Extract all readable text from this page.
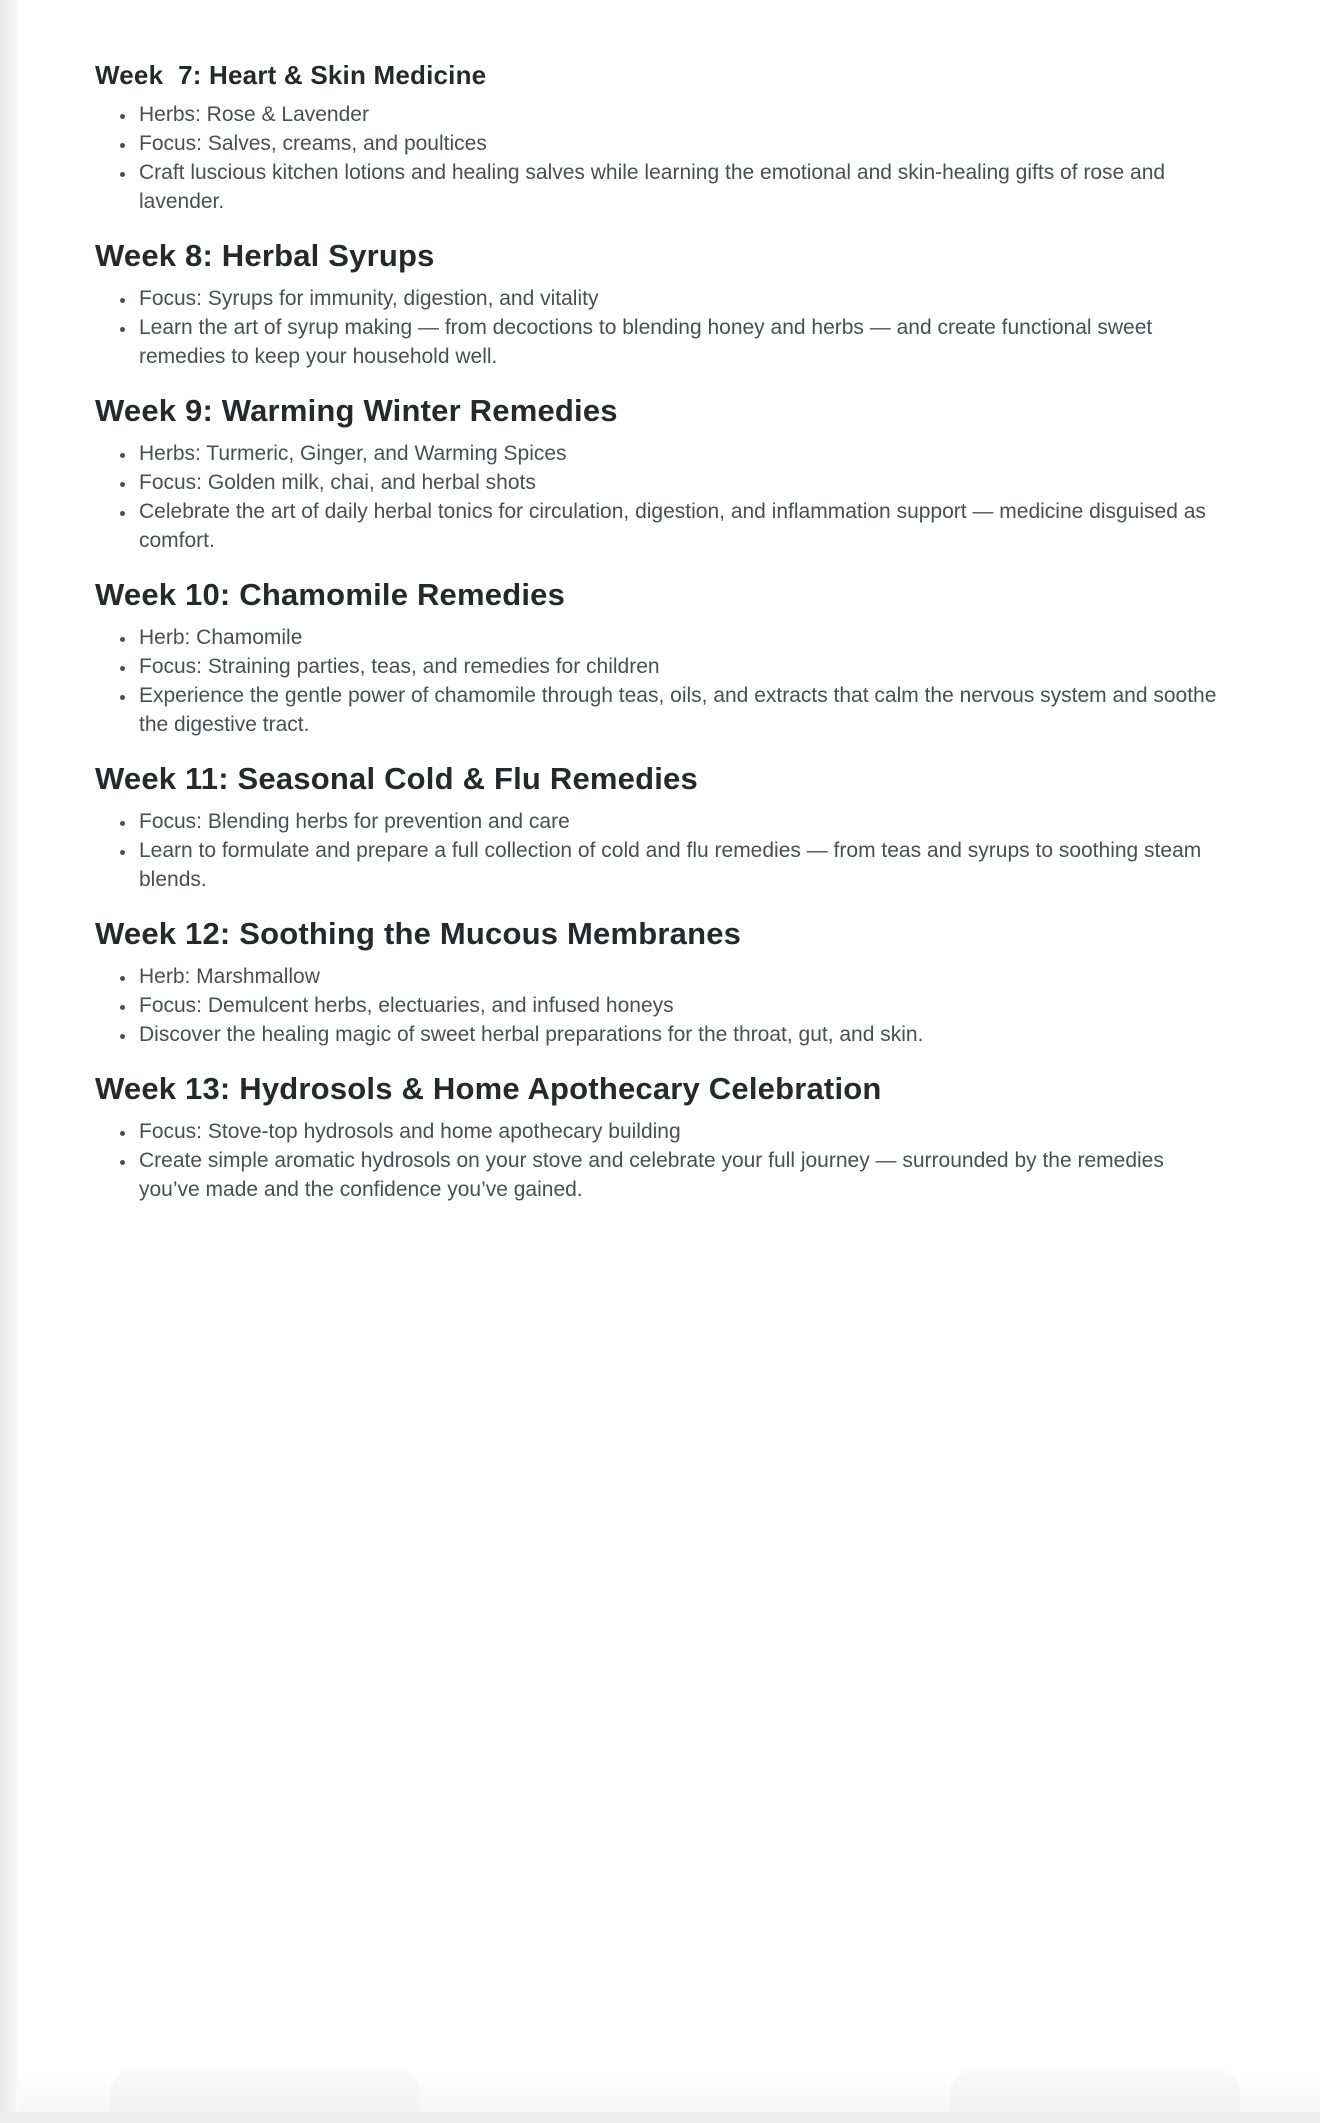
Week  7: Heart & Skin Medicine
• Herbs: Rose & Lavender
• Focus: Salves, creams, and poultices
• Craft luscious kitchen lotions and healing salves while learning the emotional and skin-healing gifts of rose and lavender.
Week 8: Herbal Syrups
• Focus: Syrups for immunity, digestion, and vitality
• Learn the art of syrup making — from decoctions to blending honey and herbs — and create functional sweet remedies to keep your household well.
Week 9: Warming Winter Remedies
• Herbs: Turmeric, Ginger, and Warming Spices
• Focus: Golden milk, chai, and herbal shots
• Celebrate the art of daily herbal tonics for circulation, digestion, and inflammation support — medicine disguised as comfort.
Week 10: Chamomile Remedies
• Herb: Chamomile
• Focus: Straining parties, teas, and remedies for children
• Experience the gentle power of chamomile through teas, oils, and extracts that calm the nervous system and soothe the digestive tract.
Week 11: Seasonal Cold & Flu Remedies
• Focus: Blending herbs for prevention and care
• Learn to formulate and prepare a full collection of cold and flu remedies — from teas and syrups to soothing steam blends.
Week 12: Soothing the Mucous Membranes
• Herb: Marshmallow
• Focus: Demulcent herbs, electuaries, and infused honeys
• Discover the healing magic of sweet herbal preparations for the throat, gut, and skin.
Week 13: Hydrosols & Home Apothecary Celebration
• Focus: Stove-top hydrosols and home apothecary building
• Create simple aromatic hydrosols on your stove and celebrate your full journey — surrounded by the remedies you’ve made and the confidence you’ve gained.
